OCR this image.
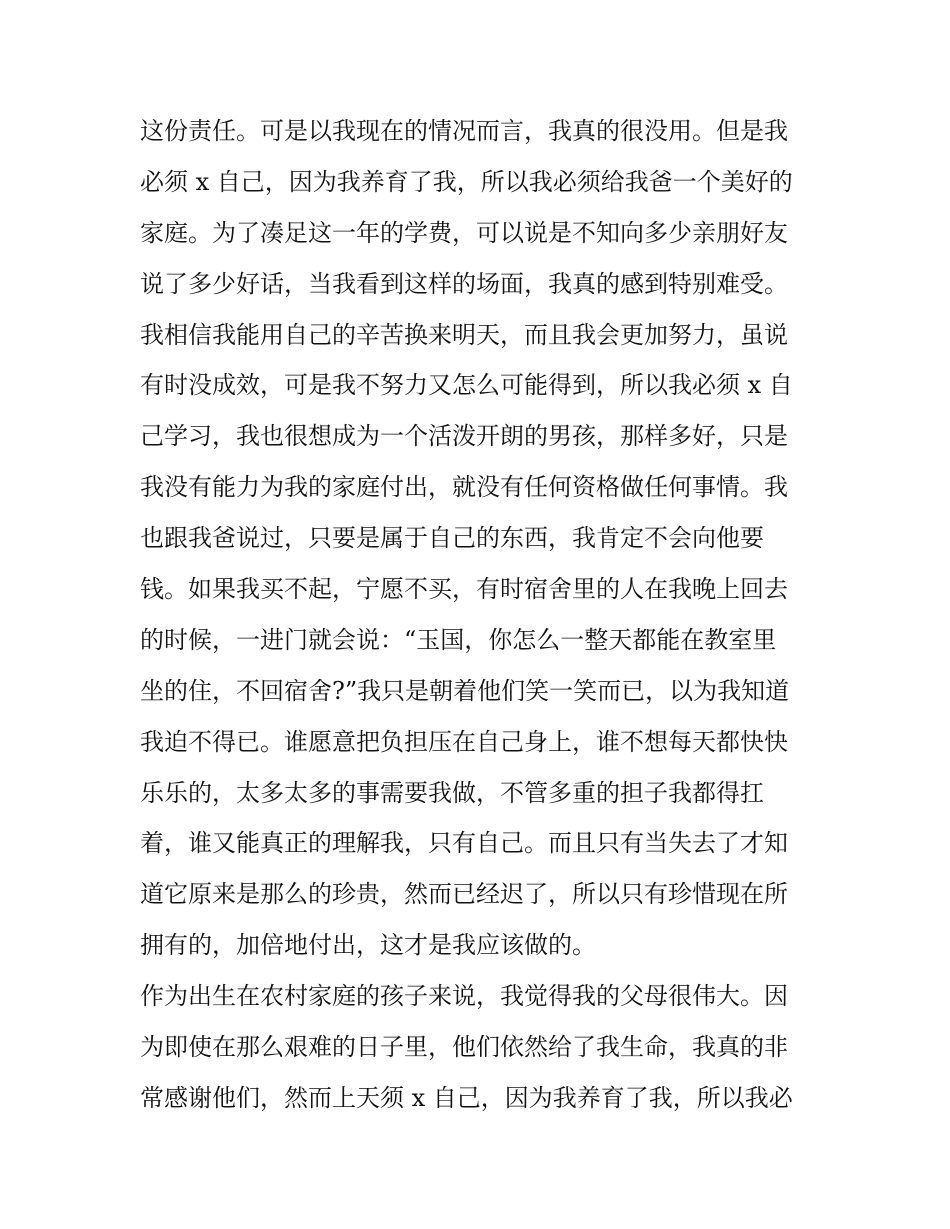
这份责任。可是以我现在的情况而言，我真的很没用。但是我
必须 x 自己，因为我养育了我，所以我必须给我爸一个美好的
家庭。为了凑足这一年的学费，可以说是不知向多少亲朋好友
说了多少好话，当我看到这样的场面，我真的感到特别难受。
我相信我能用自己的辛苦换来明天，而且我会更加努力，虽说
有时没成效，可是我不努力又怎么可能得到，所以我必须 x 自
己学习，我也很想成为一个活泼开朗的男孩，那样多好，只是
我没有能力为我的家庭付出，就没有任何资格做任何事情。我
也跟我爸说过，只要是属于自己的东西，我肯定不会向他要
钱。如果我买不起，宁愿不买，有时宿舍里的人在我晚上回去
的时候，一进门就会说：“玉国，你怎么一整天都能在教室里
坐的住，不回宿舍?”我只是朝着他们笑一笑而已，以为我知道
我迫不得已。谁愿意把负担压在自己身上，谁不想每天都快快
乐乐的，太多太多的事需要我做，不管多重的担子我都得扛
着，谁又能真正的理解我，只有自己。而且只有当失去了才知
道它原来是那么的珍贵，然而已经迟了，所以只有珍惜现在所
拥有的，加倍地付出，这才是我应该做的。
作为出生在农村家庭的孩子来说，我觉得我的父母很伟大。因
为即使在那么艰难的日子里，他们依然给了我生命，我真的非
常感谢他们，然而上天须 x 自己，因为我养育了我，所以我必
